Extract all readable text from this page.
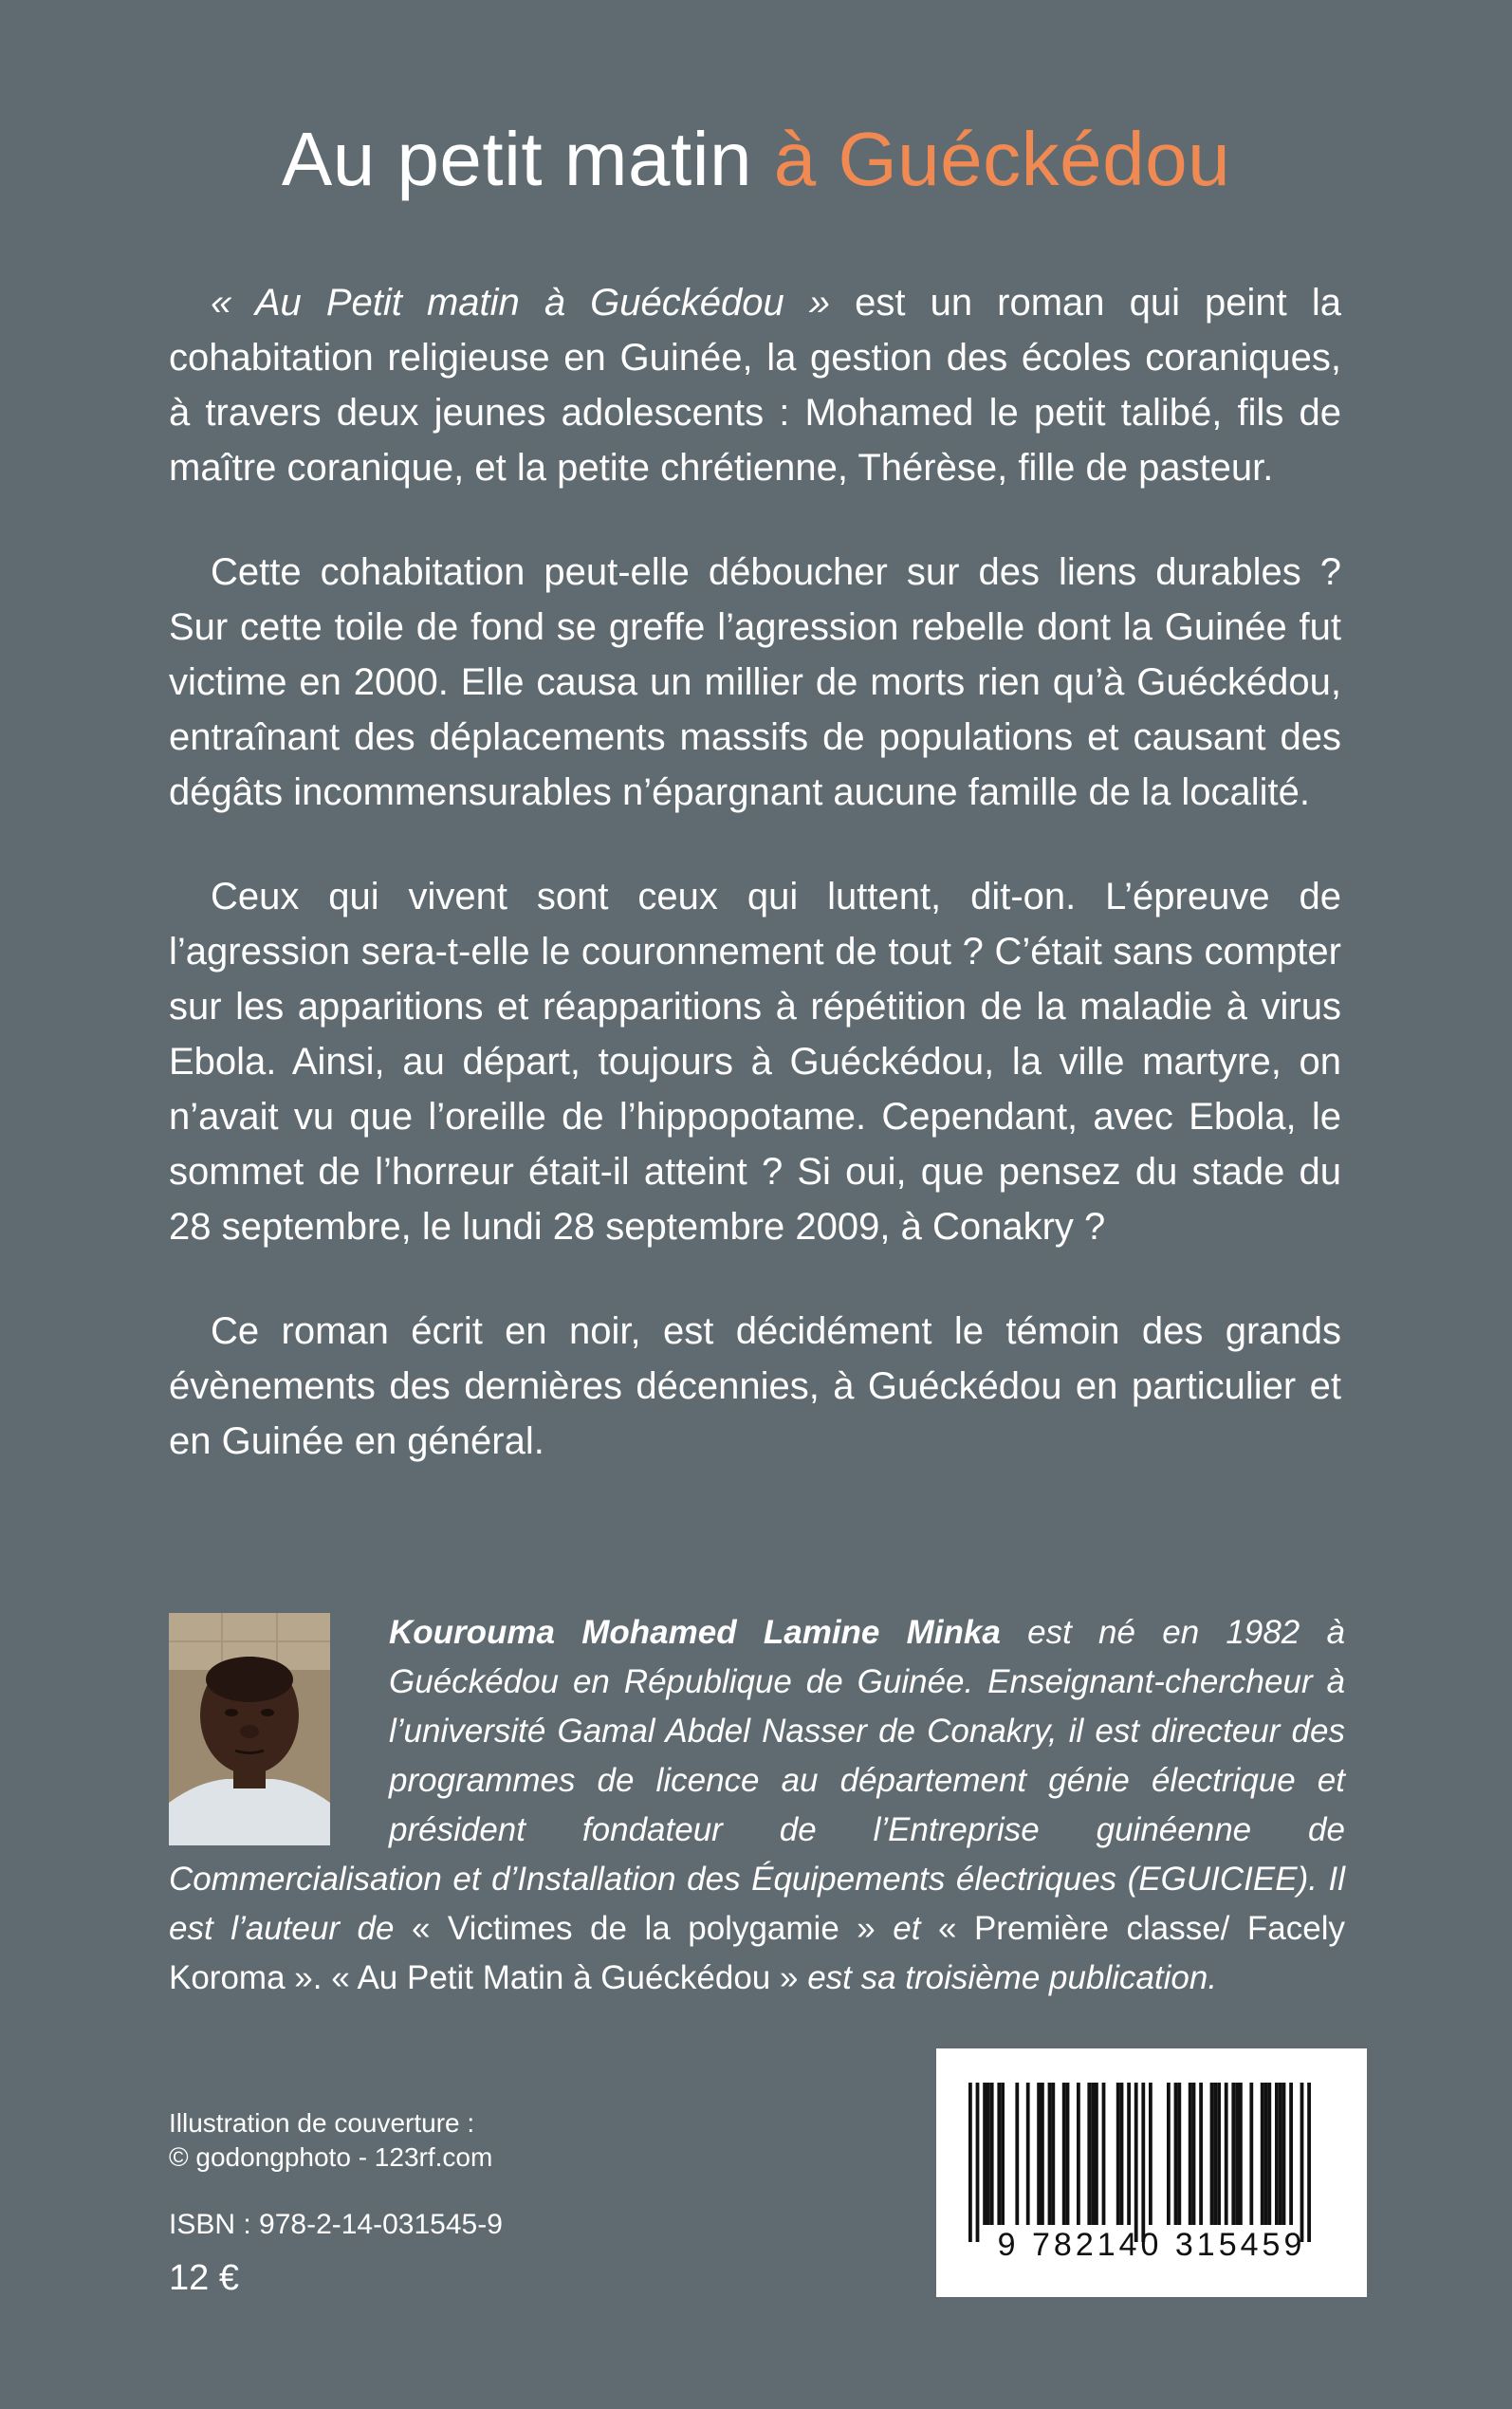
Au petit matin à Guéckédou

« Au Petit matin à Guéckédou » est un roman qui peint la cohabitation religieuse en Guinée, la gestion des écoles coraniques, à travers deux jeunes adolescents : Mohamed le petit talibé, fils de maître coranique, et la petite chrétienne, Thérèse, fille de pasteur.

Cette cohabitation peut-elle déboucher sur des liens durables ? Sur cette toile de fond se greffe l’agression rebelle dont la Guinée fut victime en 2000. Elle causa un millier de morts rien qu’à Guéckédou, entraînant des déplacements massifs de populations et causant des dégâts incommensurables n’épargnant aucune famille de la localité.

Ceux qui vivent sont ceux qui luttent, dit-on. L’épreuve de l’agression sera-t-elle le couronnement de tout ? C’était sans compter sur les apparitions et réapparitions à répétition de la maladie à virus Ebola. Ainsi, au départ, toujours à Guéckédou, la ville martyre, on n’avait vu que l’oreille de l’hippopotame. Cependant, avec Ebola, le sommet de l’horreur était-il atteint ? Si oui, que pensez du stade du 28 septembre, le lundi 28 septembre 2009, à Conakry ?

Ce roman écrit en noir, est décidément le témoin des grands évènements des dernières décennies, à Guéckédou en particulier et en Guinée en général.

Kourouma Mohamed Lamine Minka est né en 1982 à Guéckédou en République de Guinée. Enseignant-chercheur à l’université Gamal Abdel Nasser de Conakry, il est directeur des programmes de licence au département génie électrique et président fondateur de l’Entreprise guinéenne de Commercialisation et d’Installation des Équipements électriques (EGUICIEE). Il est l’auteur de « Victimes de la polygamie » et « Première classe/ Facely Koroma ». « Au Petit Matin à Guéckédou » est sa troisième publication.
Illustration de couverture :
© godongphoto - 123rf.com
ISBN : 978-2-14-031545-9
12 €
9 782140 315459
